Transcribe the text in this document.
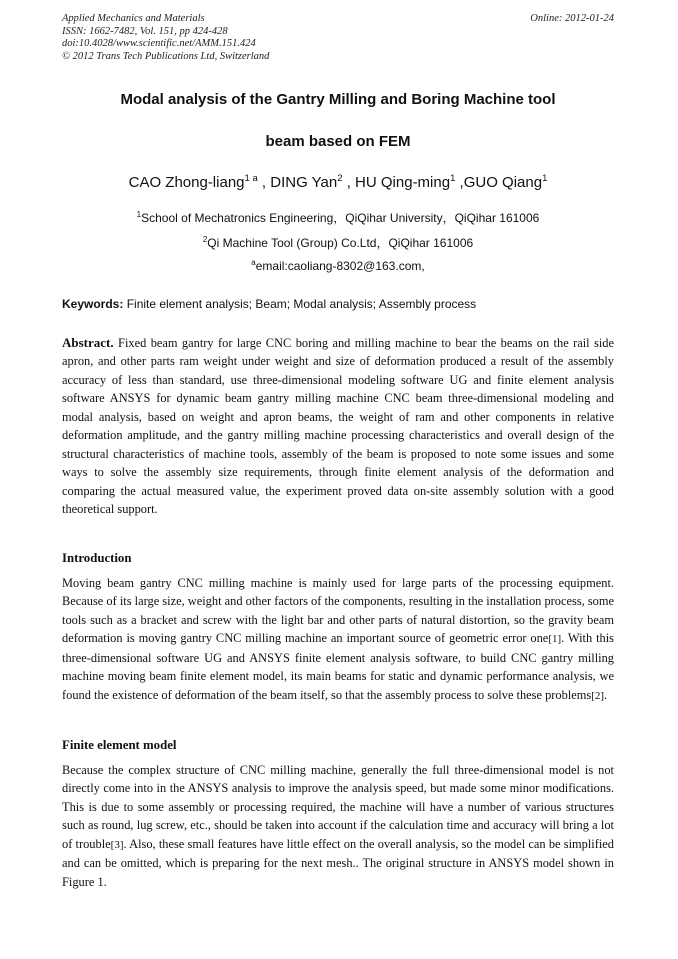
Applied Mechanics and Materials
ISSN: 1662-7482, Vol. 151, pp 424-428
doi:10.4028/www.scientific.net/AMM.151.424
© 2012 Trans Tech Publications Ltd, Switzerland
Online: 2012-01-24
Modal analysis of the Gantry Milling and Boring Machine tool
beam based on FEM
CAO Zhong-liang$^{1 a}$ , DING Yan$^2$ , HU Qing-ming$^1$ ,GUO Qiang$^1$
$^1$School of Mechatronics Engineering，QiQihar University，QiQihar 161006
$^2$Qi Machine Tool (Group) Co.Ltd，QiQihar 161006
$^a$email:caoliang-8302@163.com,
Keywords: Finite element analysis; Beam; Modal analysis; Assembly process
Abstract. Fixed beam gantry for large CNC boring and milling machine to bear the beams on the rail side apron, and other parts ram weight under weight and size of deformation produced a result of the assembly accuracy of less than standard, use three-dimensional modeling software UG and finite element analysis software ANSYS for dynamic beam gantry milling machine CNC beam three-dimensional modeling and modal analysis, based on weight and apron beams, the weight of ram and other components in relative deformation amplitude, and the gantry milling machine processing characteristics and overall design of the structural characteristics of machine tools, assembly of the beam is proposed to note some issues and some ways to solve the assembly size requirements, through finite element analysis of the deformation and comparing the actual measured value, the experiment proved data on-site assembly solution with a good theoretical support.
Introduction
Moving beam gantry CNC milling machine is mainly used for large parts of the processing equipment. Because of its large size, weight and other factors of the components, resulting in the installation process, some tools such as a bracket and screw with the light bar and other parts of natural distortion, so the gravity beam deformation is moving gantry CNC milling machine an important source of geometric error one[1]. With this three-dimensional software UG and ANSYS finite element analysis software, to build CNC gantry milling machine moving beam finite element model, its main beams for static and dynamic performance analysis, we found the existence of deformation of the beam itself, so that the assembly process to solve these problems[2].
Finite element model
Because the complex structure of CNC milling machine, generally the full three-dimensional model is not directly come into in the ANSYS analysis to improve the analysis speed, but made some minor modifications. This is due to some assembly or processing required, the machine will have a number of various structures such as round, lug screw, etc., should be taken into account if the calculation time and accuracy will bring a lot of trouble[3]. Also, these small features have little effect on the overall analysis, so the model can be simplified and can be omitted, which is preparing for the next mesh.. The original structure in ANSYS model shown in Figure 1.
